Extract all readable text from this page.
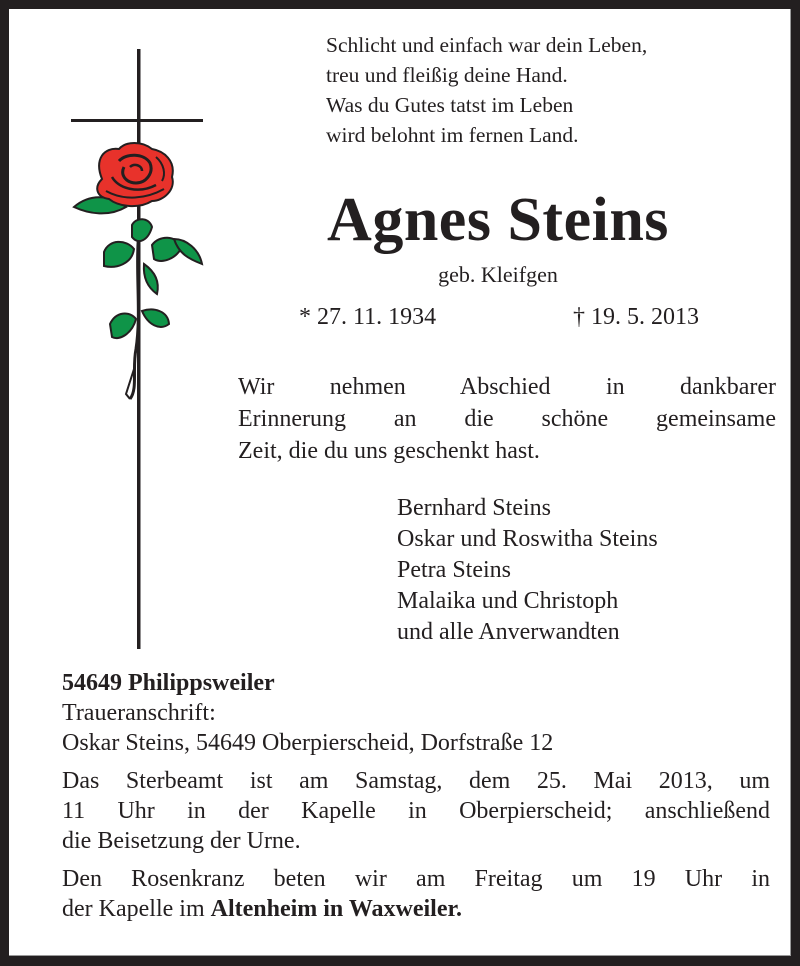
Schlicht und einfach war dein Leben,
treu und fleißig deine Hand.
Was du Gutes tatst im Leben
wird belohnt im fernen Land.
Agnes Steins
geb. Kleifgen
* 27. 11. 1934	† 19. 5. 2013
Wir nehmen Abschied in dankbarer
Erinnerung an die schöne gemeinsame
Zeit, die du uns geschenkt hast.
Bernhard Steins
Oskar und Roswitha Steins
Petra Steins
Malaika und Christoph
und alle Anverwandten
54649 Philippsweiler
Traueranschrift:
Oskar Steins, 54649 Oberpierscheid, Dorfstraße 12
Das Sterbeamt ist am Samstag, dem 25. Mai 2013, um
11 Uhr in der Kapelle in Oberpierscheid; anschließend
die Beisetzung der Urne.
Den Rosenkranz beten wir am Freitag um 19 Uhr in
der Kapelle im Altenheim in Waxweiler.
